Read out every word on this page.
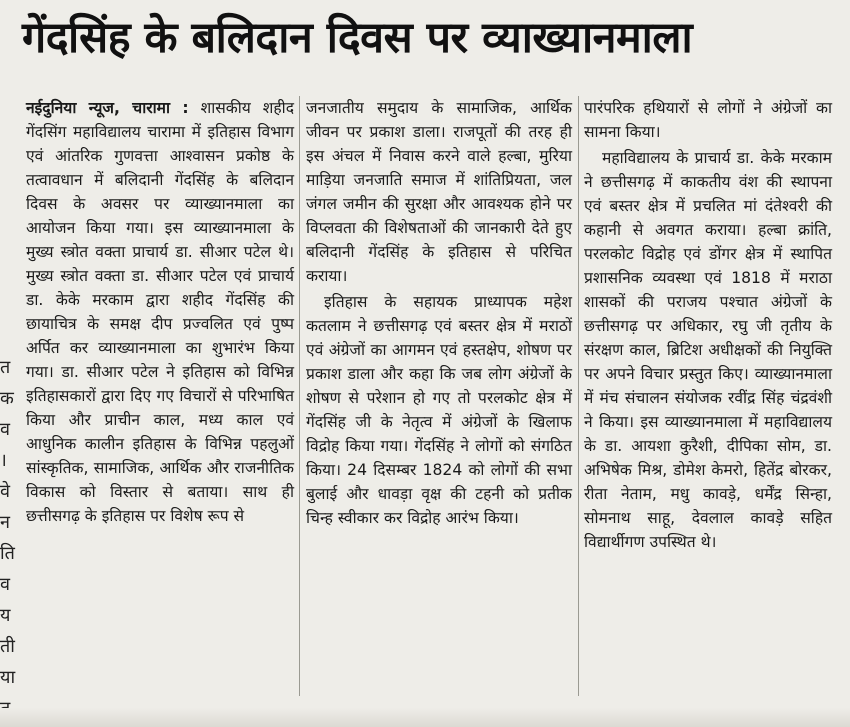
गेंदसिंह के बलिदान दिवस पर व्याख्यानमाला
त
क
व
।
वे
न
ति
व
य
ती
या

नईदुनिया न्यूज, चारामा : शासकीय शहीद गेंदसिंग महाविद्यालय चारामा में इतिहास विभाग एवं आंतरिक गुणवत्ता आश्वासन प्रकोष्ठ के तत्वावधान में बलिदानी गेंदसिंह के बलिदान दिवस के अवसर पर व्याख्यानमाला का आयोजन किया गया। इस व्याख्यानमाला के मुख्य स्त्रोत वक्ता प्राचार्य डा. सीआर पटेल थे। मुख्य स्त्रोत वक्ता डा. सीआर पटेल एवं प्राचार्य डा. केके मरकाम द्वारा शहीद गेंदसिंह की छायाचित्र के समक्ष दीप प्रज्वलित एवं पुष्प अर्पित कर व्याख्यानमाला का शुभारंभ किया गया। डा. सीआर पटेल ने इतिहास को विभिन्न इतिहासकारों द्वारा दिए गए विचारों से परिभाषित किया और प्राचीन काल, मध्य काल एवं आधुनिक कालीन इतिहास के विभिन्न पहलुओं सांस्कृतिक, सामाजिक, आर्थिक और राजनीतिक विकास को विस्तार से बताया। साथ ही छत्तीसगढ़ के इतिहास पर विशेष रूप से

जनजातीय समुदाय के सामाजिक, आर्थिक जीवन पर प्रकाश डाला। राजपूतों की तरह ही इस अंचल में निवास करने वाले हल्बा, मुरिया माड़िया जनजाति समाज में शांतिप्रियता, जल जंगल जमीन की सुरक्षा और आवश्यक होने पर विप्लवता की विशेषताओं की जानकारी देते हुए बलिदानी गेंदसिंह के इतिहास से परिचित कराया।

इतिहास के सहायक प्राध्यापक महेश कतलाम ने छत्तीसगढ़ एवं बस्तर क्षेत्र में मराठों एवं अंग्रेजों का आगमन एवं हस्तक्षेप, शोषण पर प्रकाश डाला और कहा कि जब लोग अंग्रेजों के शोषण से परेशान हो गए तो परलकोट क्षेत्र में गेंदसिंह जी के नेतृत्व में अंग्रेजों के खिलाफ विद्रोह किया गया। गेंदसिंह ने लोगों को संगठित किया। 24 दिसम्बर 1824 को लोगों की सभा बुलाई और धावड़ा वृक्ष की टहनी को प्रतीक चिन्ह स्वीकार कर विद्रोह आरंभ किया।

पारंपरिक हथियारों से लोगों ने अंग्रेजों का सामना किया।

महाविद्यालय के प्राचार्य डा. केके मरकाम ने छत्तीसगढ़ में काकतीय वंश की स्थापना एवं बस्तर क्षेत्र में प्रचलित मां दंतेश्वरी की कहानी से अवगत कराया। हल्बा क्रांति, परलकोट विद्रोह एवं डोंगर क्षेत्र में स्थापित प्रशासनिक व्यवस्था एवं 1818 में मराठा शासकों की पराजय पश्चात अंग्रेजों के छत्तीसगढ़ पर अधिकार, रघु जी तृतीय के संरक्षण काल, ब्रिटिश अधीक्षकों की नियुक्ति पर अपने विचार प्रस्तुत किए। व्याख्यानमाला में मंच संचालन संयोजक रवींद्र सिंह चंद्रवंशी ने किया। इस व्याख्यानमाला में महाविद्यालय के डा. आयशा कुरैशी, दीपिका सोम, डा. अभिषेक मिश्र, डोमेश केमरो, हितेंद्र बोरकर, रीता नेताम, मधु कावड़े, धर्मेंद्र सिन्हा, सोमनाथ साहू, देवलाल कावड़े सहित विद्यार्थीगण उपस्थित थे।
